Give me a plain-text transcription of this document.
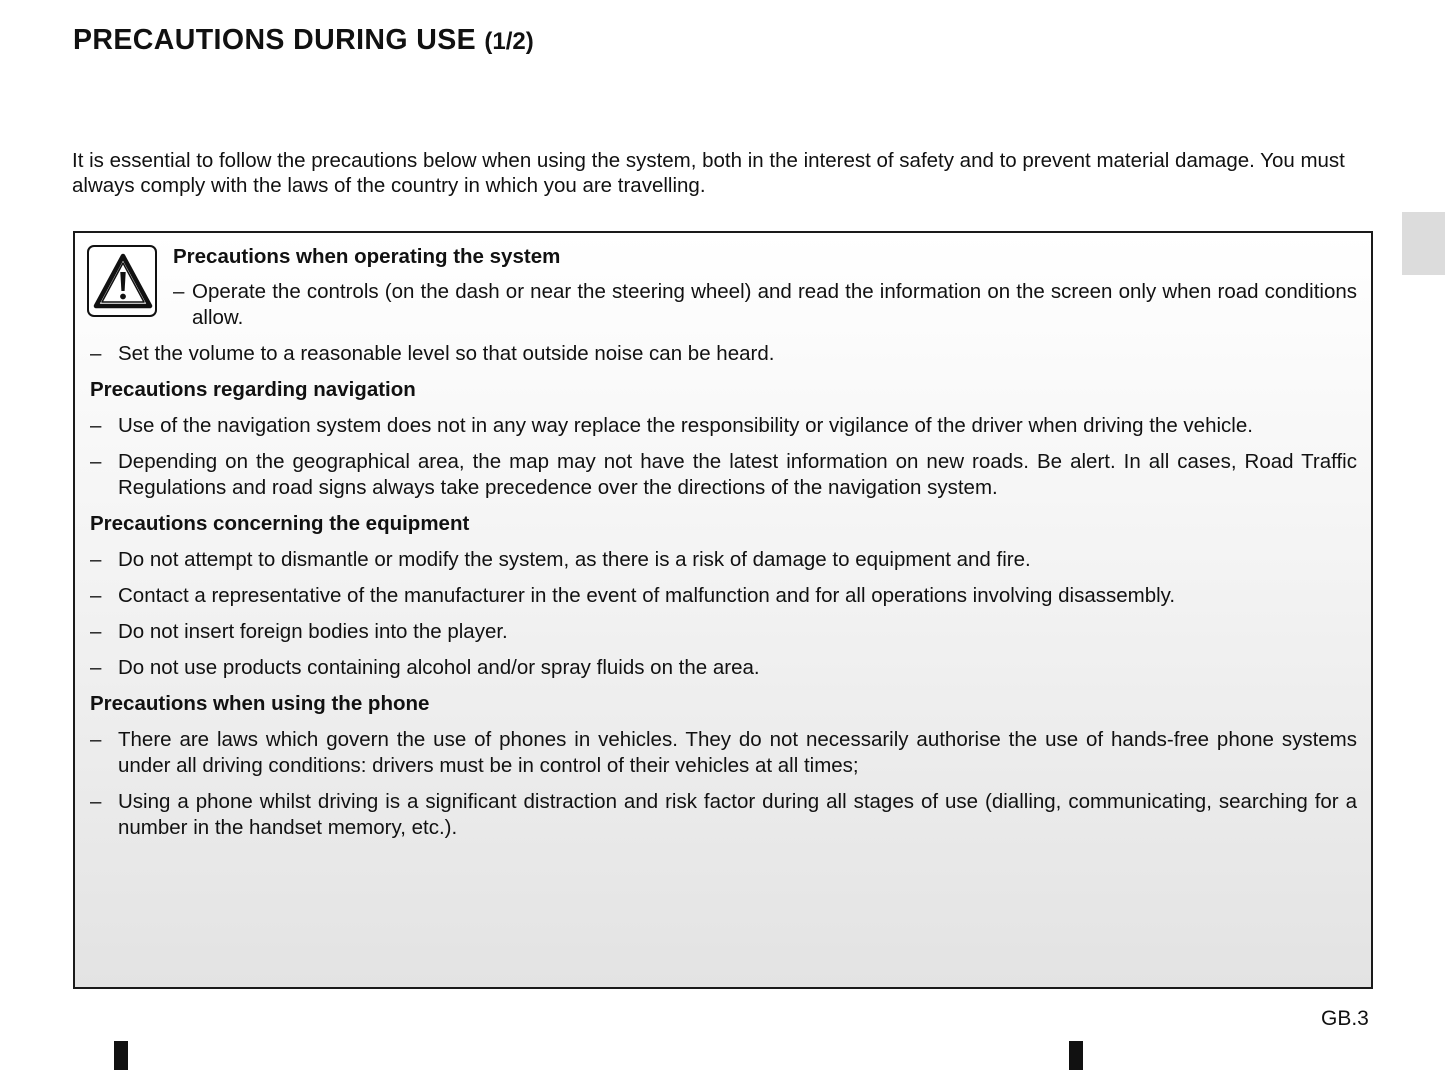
PRECAUTIONS DURING USE (1/2)

It is essential to follow the precautions below when using the system, both in the interest of safety and to prevent material damage. You must always comply with the laws of the country in which you are travelling.

Precautions when operating the system
– Operate the controls (on the dash or near the steering wheel) and read the information on the screen only when road conditions allow.
– Set the volume to a reasonable level so that outside noise can be heard.
Precautions regarding navigation
– Use of the navigation system does not in any way replace the responsibility or vigilance of the driver when driving the vehicle.
– Depending on the geographical area, the map may not have the latest information on new roads. Be alert. In all cases, Road Traffic Regulations and road signs always take precedence over the directions of the navigation system.
Precautions concerning the equipment
– Do not attempt to dismantle or modify the system, as there is a risk of damage to equipment and fire.
– Contact a representative of the manufacturer in the event of malfunction and for all operations involving disassembly.
– Do not insert foreign bodies into the player.
– Do not use products containing alcohol and/or spray fluids on the area.
Precautions when using the phone
– There are laws which govern the use of phones in vehicles. They do not necessarily authorise the use of hands-free phone systems under all driving conditions: drivers must be in control of their vehicles at all times;
– Using a phone whilst driving is a significant distraction and risk factor during all stages of use (dialling, communicating, searching for a number in the handset memory, etc.).
GB.3
